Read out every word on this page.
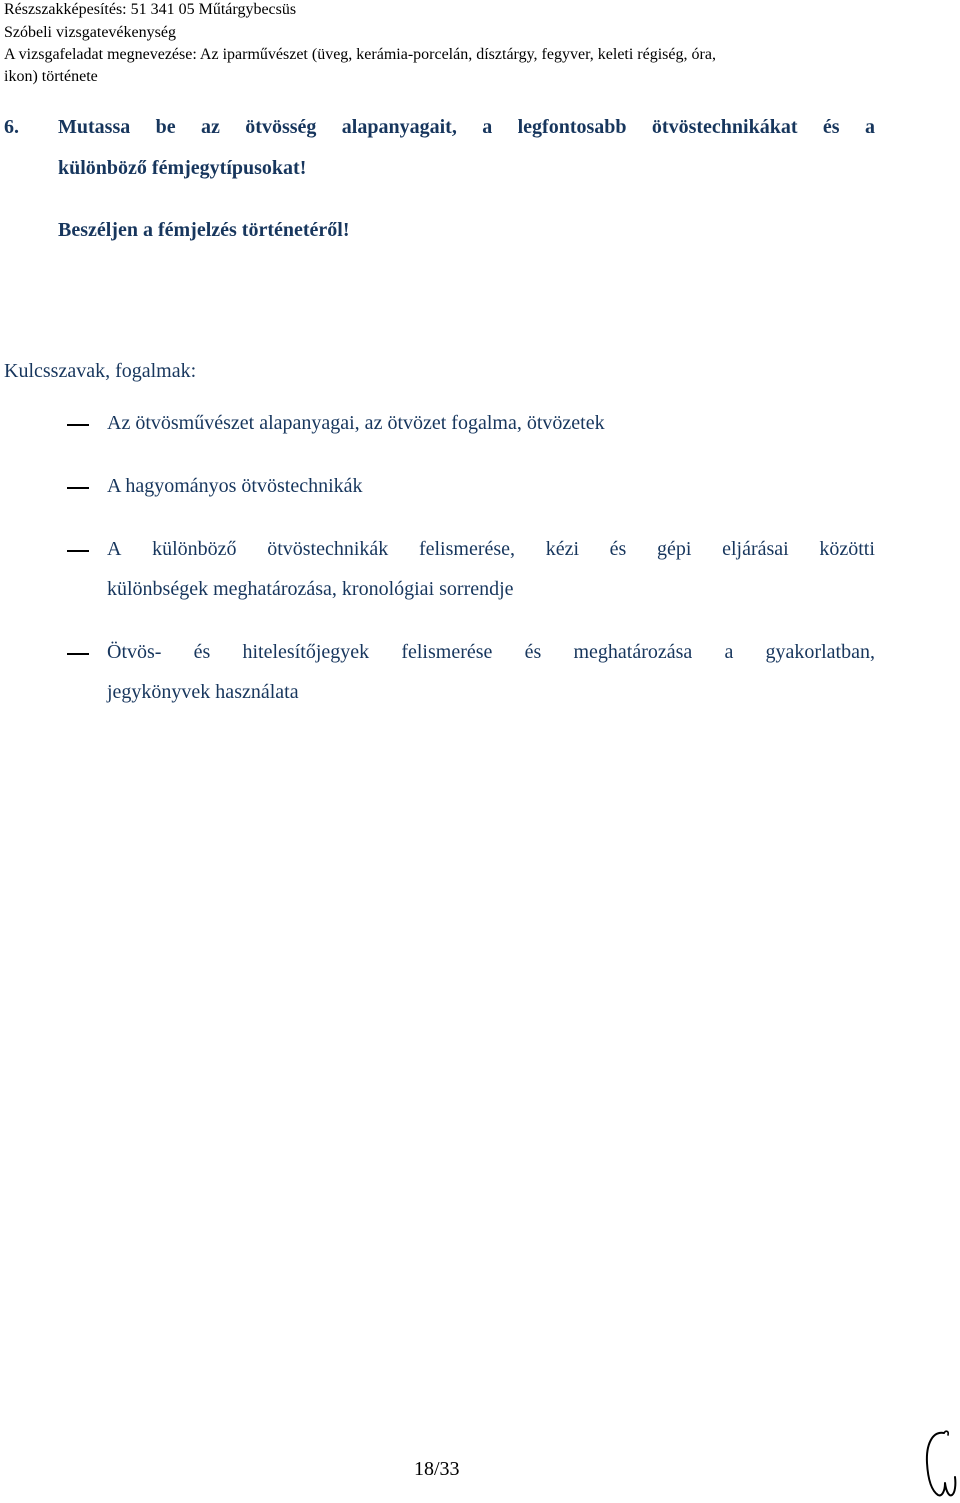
Részszakképesítés: 51 341 05 Műtárgybecsüs
Szóbeli vizsgatevékenység
A vizsgafeladat megnevezése: Az iparművészet (üveg, kerámia-porcelán, dísztárgy, fegyver, keleti régiség, óra,
ikon) története
6. Mutassa be az ötvösség alapanyagait, a legfontosabb ötvöstechnikákat és a
különböző fémjegytípusokat!
Beszéljen a fémjelzés történetéről!
Kulcsszavak, fogalmak:
Az ötvösművészet alapanyagai, az ötvözet fogalma, ötvözetek
A hagyományos ötvöstechnikák
A különböző ötvöstechnikák felismerése, kézi és gépi eljárásai közötti
különbségek meghatározása, kronológiai sorrendje
Ötvös- és hitelesítőjegyek felismerése és meghatározása a gyakorlatban,
jegykönyvek használata
18/33
